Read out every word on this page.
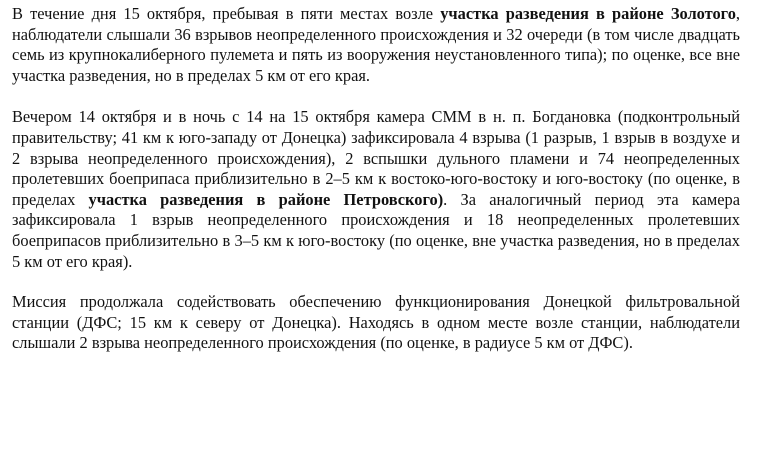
В течение дня 15 октября, пребывая в пяти местах возле участка разведения в районе Золотого, наблюдатели слышали 36 взрывов неопределенного происхождения и 32 очереди (в том числе двадцать семь из крупнокалиберного пулемета и пять из вооружения неустановленного типа); по оценке, все вне участка разведения, но в пределах 5 км от его края.

Вечером 14 октября и в ночь с 14 на 15 октября камера СММ в н. п. Богдановка (подконтрольный правительству; 41 км к юго-западу от Донецка) зафиксировала 4 взрыва (1 разрыв, 1 взрыв в воздухе и 2 взрыва неопределенного происхождения), 2 вспышки дульного пламени и 74 неопределенных пролетевших боеприпаса приблизительно в 2–5 км к востоко-юго-востоку и юго-востоку (по оценке, в пределах участка разведения в районе Петровского). За аналогичный период эта камера зафиксировала 1 взрыв неопределенного происхождения и 18 неопределенных пролетевших боеприпасов приблизительно в 3–5 км к юго-востоку (по оценке, вне участка разведения, но в пределах 5 км от его края).

Миссия продолжала содействовать обеспечению функционирования Донецкой фильтровальной станции (ДФС; 15 км к северу от Донецка). Находясь в одном месте возле станции, наблюдатели слышали 2 взрыва неопределенного происхождения (по оценке, в радиусе 5 км от ДФС).
